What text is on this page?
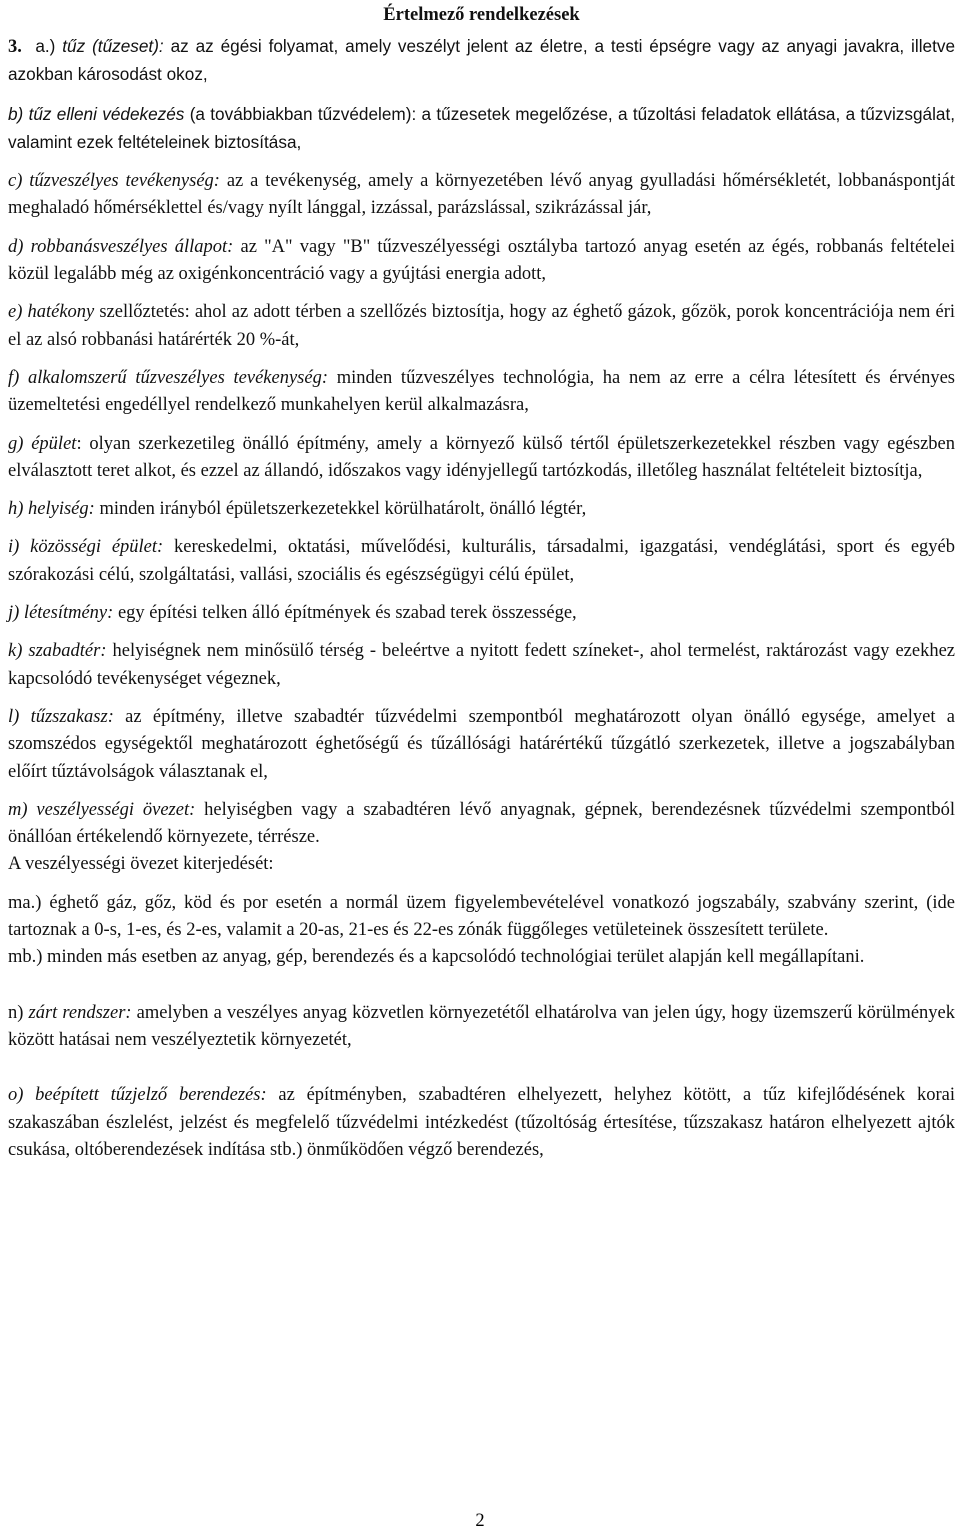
Értelmező rendelkezések
3. a.) tűz (tűzeset): az az égési folyamat, amely veszélyt jelent az életre, a testi épségre vagy az anyagi javakra, illetve azokban károsodást okoz,
b) tűz elleni védekezés (a továbbiakban tűzvédelem): a tűzesetek megelőzése, a tűzoltási feladatok ellátása, a tűzvizsgálat, valamint ezek feltételeinek biztosítása,
c) tűzveszélyes tevékenység: az a tevékenység, amely a környezetében lévő anyag gyulladási hőmérsékletét, lobbanáspontját meghaladó hőmérséklettel és/vagy nyílt lánggal, izzással, parázslással, szikrázással jár,
d) robbanásveszélyes állapot: az "A" vagy "B" tűzveszélyességi osztályba tartozó anyag esetén az égés, robbanás feltételei közül legalább még az oxigénkoncentráció vagy a gyújtási energia adott,
e) hatékony szellőztetés: ahol az adott térben a szellőzés biztosítja, hogy az éghető gázok, gőzök, porok koncentrációja nem éri el az alsó robbanási határérték 20 %-át,
f) alkalomszerű tűzveszélyes tevékenység: minden tűzveszélyes technológia, ha nem az erre a célra létesített és érvényes üzemeltetési engedéllyel rendelkező munkahelyen kerül alkalmazásra,
g) épület: olyan szerkezetileg önálló építmény, amely a környező külső tértől épületszerkezetekkel részben vagy egészben elválasztott teret alkot, és ezzel az állandó, időszakos vagy idényjellegű tartózkodás, illetőleg használat feltételeit biztosítja,
h) helyiség: minden irányból épületszerkezetekkel körülhatárolt, önálló légtér,
i) közösségi épület: kereskedelmi, oktatási, művelődési, kulturális, társadalmi, igazgatási, vendéglátási, sport és egyéb szórakozási célú, szolgáltatási, vallási, szociális és egészségügyi célú épület,
j) létesítmény: egy építési telken álló építmények és szabad terek összessége,
k) szabadtér: helyiségnek nem minősülő térség - beleértve a nyitott fedett színeket-, ahol termelést, raktározást vagy ezekhez kapcsolódó tevékenységet végeznek,
l) tűzszakasz: az építmény, illetve szabadtér tűzvédelmi szempontból meghatározott olyan önálló egysége, amelyet a szomszédos egységektől meghatározott éghetőségű és tűzállósági határértékű tűzgátló szerkezetek, illetve a jogszabályban előírt tűztávolságok választanak el,
m) veszélyességi övezet: helyiségben vagy a szabadtéren lévő anyagnak, gépnek, berendezésnek tűzvédelmi szempontból önállóan értékelendő környezete, térrésze.
A veszélyességi övezet kiterjedését:
ma.) éghető gáz, gőz, köd és por esetén a normál üzem figyelembevételével vonatkozó jogszabály, szabvány szerint, (ide tartoznak a 0-s, 1-es, és 2-es, valamit a 20-as, 21-es és 22-es zónák függőleges vetületeinek összesített területe.
mb.) minden más esetben az anyag, gép, berendezés és a kapcsolódó technológiai terület alapján kell megállapítani.
n) zárt rendszer: amelyben a veszélyes anyag közvetlen környezetétől elhatárolva van jelen úgy, hogy üzemszerű körülmények között hatásai nem veszélyeztetik környezetét,
o) beépített tűzjelző berendezés: az építményben, szabadtéren elhelyezett, helyhez kötött, a tűz kifejlődésének korai szakaszában észlelést, jelzést és megfelelő tűzvédelmi intézkedést (tűzoltóság értesítése, tűzszakasz határon elhelyezett ajtók csukása, oltóberendezések indítása stb.) önműködően végző berendezés,
2
